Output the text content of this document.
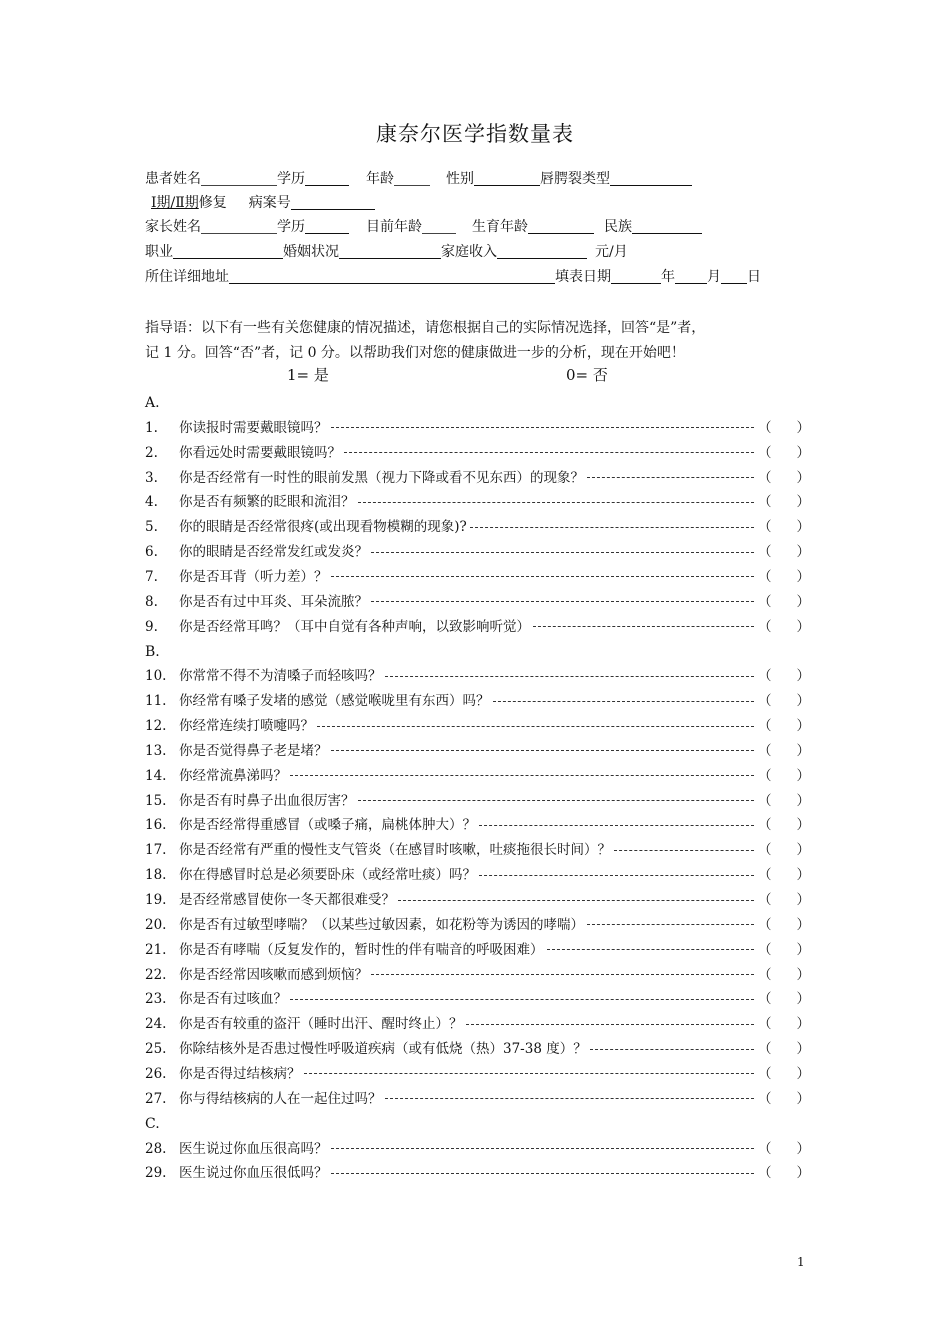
康奈尔医学指数量表
患者姓名	学历	年龄	性别	唇腭裂类型
Ⅰ期/Ⅱ期修复 病案号
家长姓名	学历	目前年龄	生育年龄	民族
职业	婚姻状况	家庭收入	元/月
所住详细地址	填表日期	年 月 日

指导语：以下有一些有关您健康的情况描述，请您根据自己的实际情况选择，回答“是”者，

记 1 分。回答“否”者，记 0 分。以帮助我们对您的健康做进一步的分析，现在开始吧！

1= 是	0= 否
A.
1.	你读报时需要戴眼镜吗？	（ ）
2.	你看远处时需要戴眼镜吗？	（ ）
3.	你是否经常有一时性的眼前发黑（视力下降或看不见东西）的现象？	（ ）
4.	你是否有频繁的眨眼和流泪？	（ ）
5.	你的眼睛是否经常很疼(或出现看物模糊的现象)?	（ ）
6.	你的眼睛是否经常发红或发炎？	（ ）
7.	你是否耳背（听力差）？	（ ）
8.	你是否有过中耳炎、耳朵流脓？	（ ）
9.	你是否经常耳鸣？（耳中自觉有各种声响，以致影响听觉）	（ ）
B.
10. 你常常不得不为清嗓子而轻咳吗？	（ ）
11. 你经常有嗓子发堵的感觉（感觉喉咙里有东西）吗？	（ ）
12. 你经常连续打喷嚏吗？	（ ）
13. 你是否觉得鼻子老是堵？	（ ）
14. 你经常流鼻涕吗？	（ ）
15. 你是否有时鼻子出血很厉害？	（ ）
16. 你是否经常得重感冒（或嗓子痛，扁桃体肿大）？	（ ）
17. 你是否经常有严重的慢性支气管炎（在感冒时咳嗽，吐痰拖很长时间）？	（ ）
18. 你在得感冒时总是必须要卧床（或经常吐痰）吗？	（ ）
19. 是否经常感冒使你一冬天都很难受？	（ ）
20. 你是否有过敏型哮喘？（以某些过敏因素，如花粉等为诱因的哮喘）	（ ）
21. 你是否有哮喘（反复发作的，暂时性的伴有喘音的呼吸困难）	（ ）
22. 你是否经常因咳嗽而感到烦恼？	（ ）
23. 你是否有过咳血？	（ ）
24. 你是否有较重的盗汗（睡时出汗、醒时终止）？	（ ）
25. 你除结核外是否患过慢性呼吸道疾病（或有低烧（热）37-38 度）？	（ ）
26. 你是否得过结核病？	（ ）
27. 你与得结核病的人在一起住过吗？	（ ）
C.
28. 医生说过你血压很高吗？	（ ）
29. 医生说过你血压很低吗？	（ ）
1
